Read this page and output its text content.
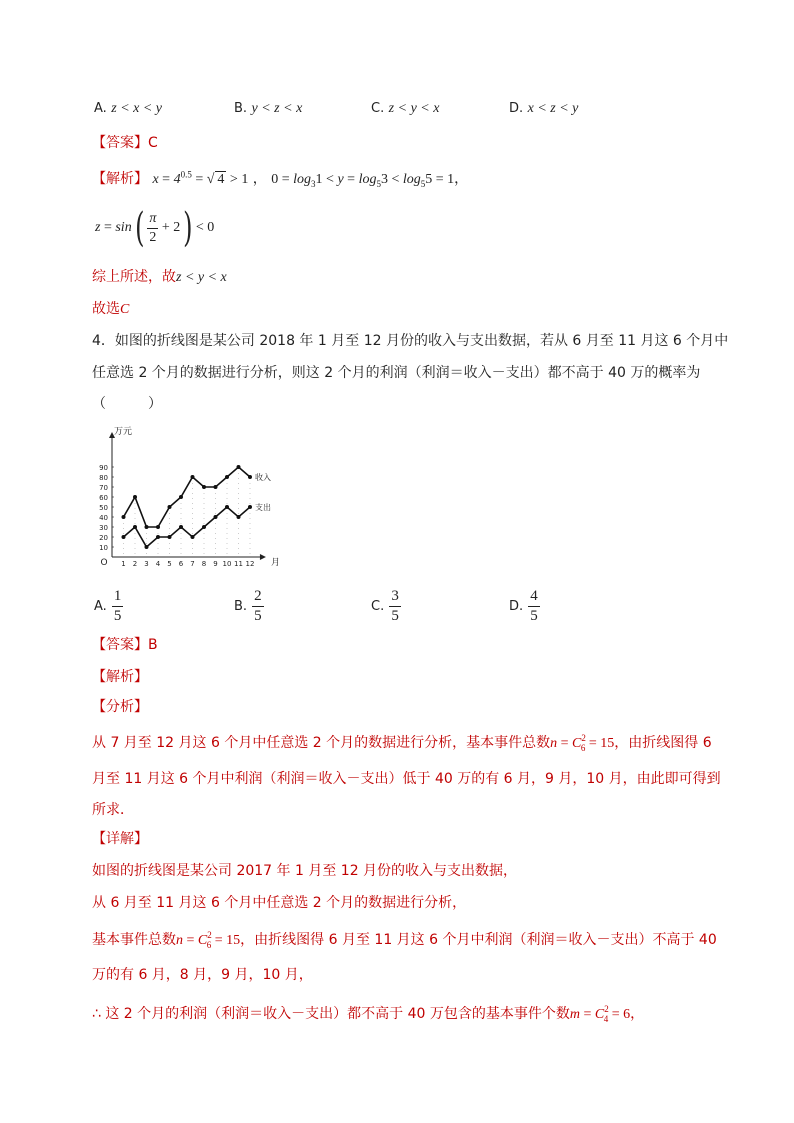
A. z < x < y	B. y < z < x	C. z < y < x	D. x < z < y
【答案】C
【解析】 $x = 4^{0.5}$ = √ 4 > 1 ， $0 = \log_31 < y = \log_53 < \log_55 = 1$，
z = sin ( $\frac{\pi}{2} + 2$ ) < 0
综上所述，故z < y < x
故选C
4．如图的折线图是某公司 2018 年 1 月至 12 月份的收入与支出数据，若从 6 月至 11 月这 6 个月中
任意选 2 个月的数据进行分析，则这 2 个月的利润（利润＝收入－支出）都不高于 40 万的概率为
（　　　）
万元
月
O
10
20
30
40
50
60
70
80
90
1 2 3 4 5 6 7 8 9 10 11 12
收入
支出
A.
$\frac{1}{5}$	B.
$\frac{2}{5}$	C.
$\frac{3}{5}$	D.
$\frac{4}{5}$
【答案】B
【解析】
【分析】
从 7 月至 12 月这 6 个月中任意选 2 个月的数据进行分析，基本事件总数$n = C^2_6 = 15$，由折线图得 6
月至 11 月这 6 个月中利润（利润＝收入－支出）低于 40 万的有 6 月，9 月，10 月，由此即可得到
所求．
【详解】
如图的折线图是某公司 2017 年 1 月至 12 月份的收入与支出数据，
从 6 月至 11 月这 6 个月中任意选 2 个月的数据进行分析，
基本事件总数$n = C^2_6 = 15$，由折线图得 6 月至 11 月这 6 个月中利润（利润＝收入－支出）不高于 40
万的有 6 月，8 月，9 月，10 月，
∴ 这 2 个月的利润（利润＝收入－支出）都不高于 40 万包含的基本事件个数$m = C^2_4 = 6$，
